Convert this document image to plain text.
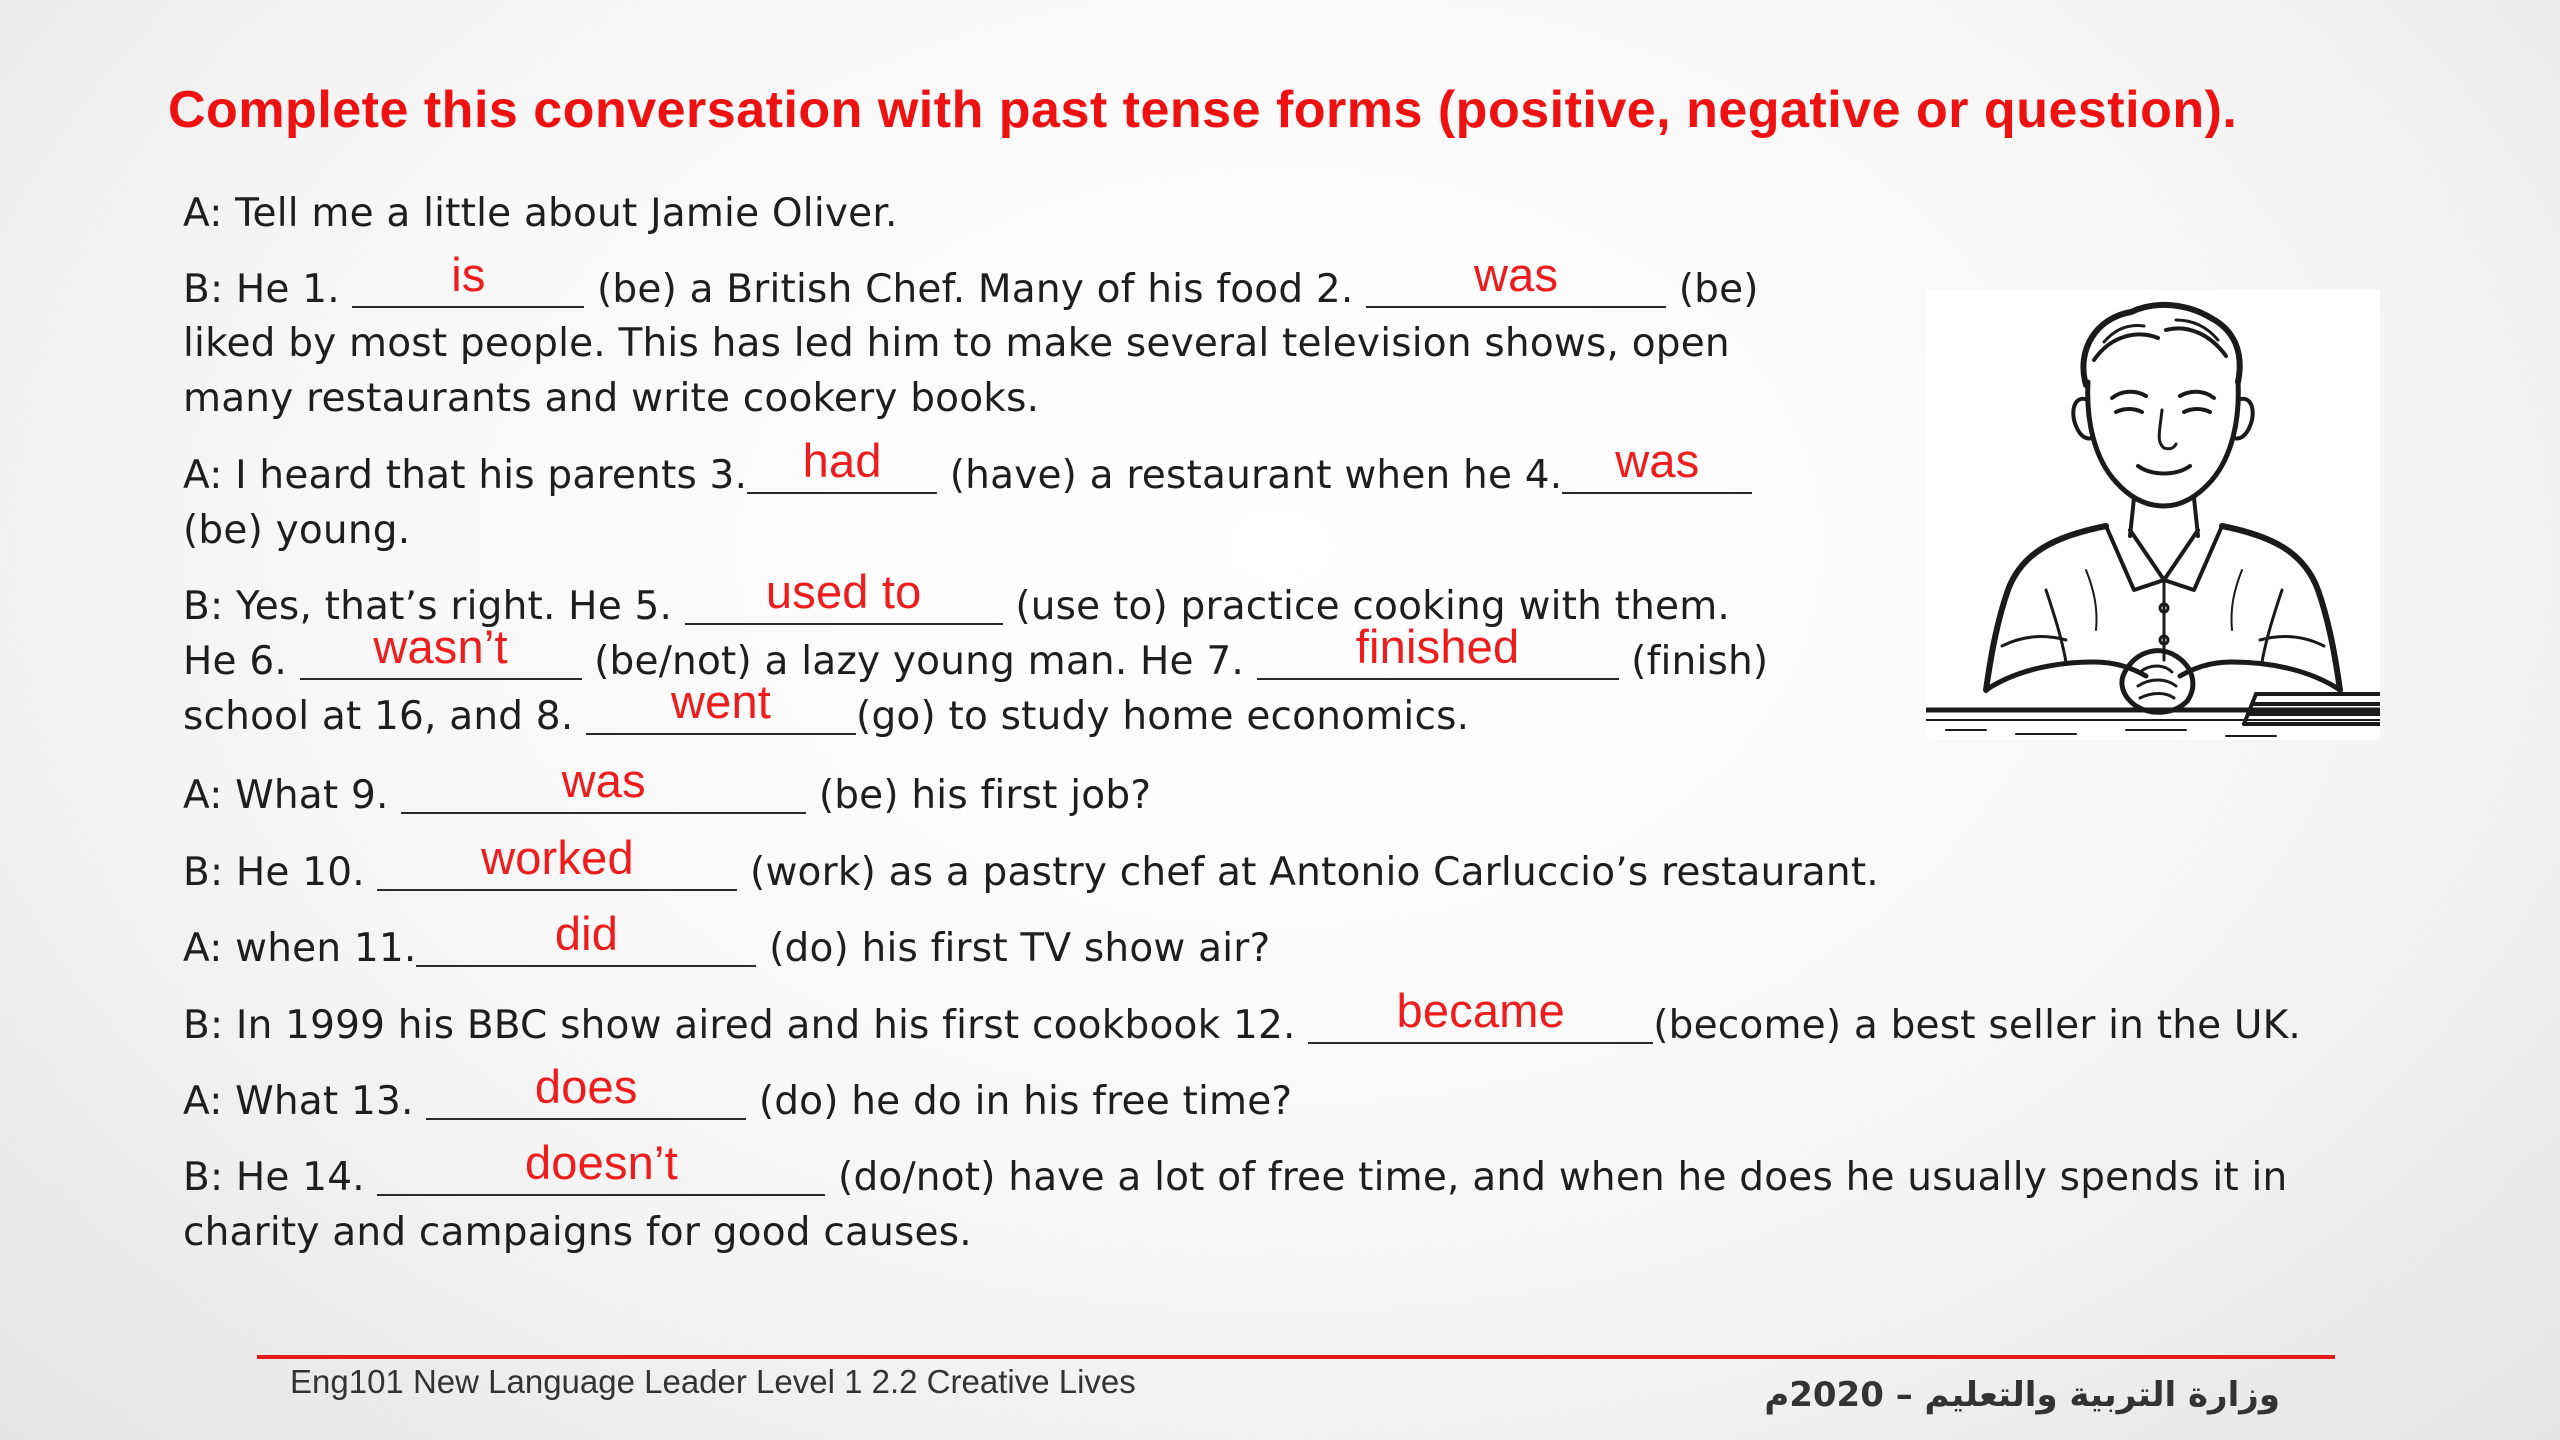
Complete this conversation with past tense forms (positive, negative or question).
A: Tell me a little about Jamie Oliver.
B: He 1.	is	(be) a British Chef. Many of his food 2.	was	(be)
liked by most people. This has led him to make several television shows, open
many restaurants and write cookery books.
A: I heard that his parents 3.	had	(have) a restaurant when he 4.	was
(be) young.
B: Yes, that’s right. He 5.	used to	(use to) practice cooking with them.
He 6.	wasn’t	(be/not) a lazy young man. He 7.	finished	(finish)
school at 16, and 8.	went	(go) to study home economics.
A: What 9.	was	(be) his first job?
B: He 10.	worked	(work) as a pastry chef at Antonio Carluccio’s restaurant.
A: when 11.	did	(do) his first TV show air?
B: In 1999 his BBC show aired and his first cookbook 12.	became	(become) a best seller in the UK.
A: What 13.	does	(do) he do in his free time?
B: He 14.	doesn’t	(do/not) have a lot of free time, and when he does he usually spends it in
charity and campaigns for good causes.
Eng101 New Language Leader Level 1 2.2 Creative Lives	وزارة التربية والتعليم – 2020م
